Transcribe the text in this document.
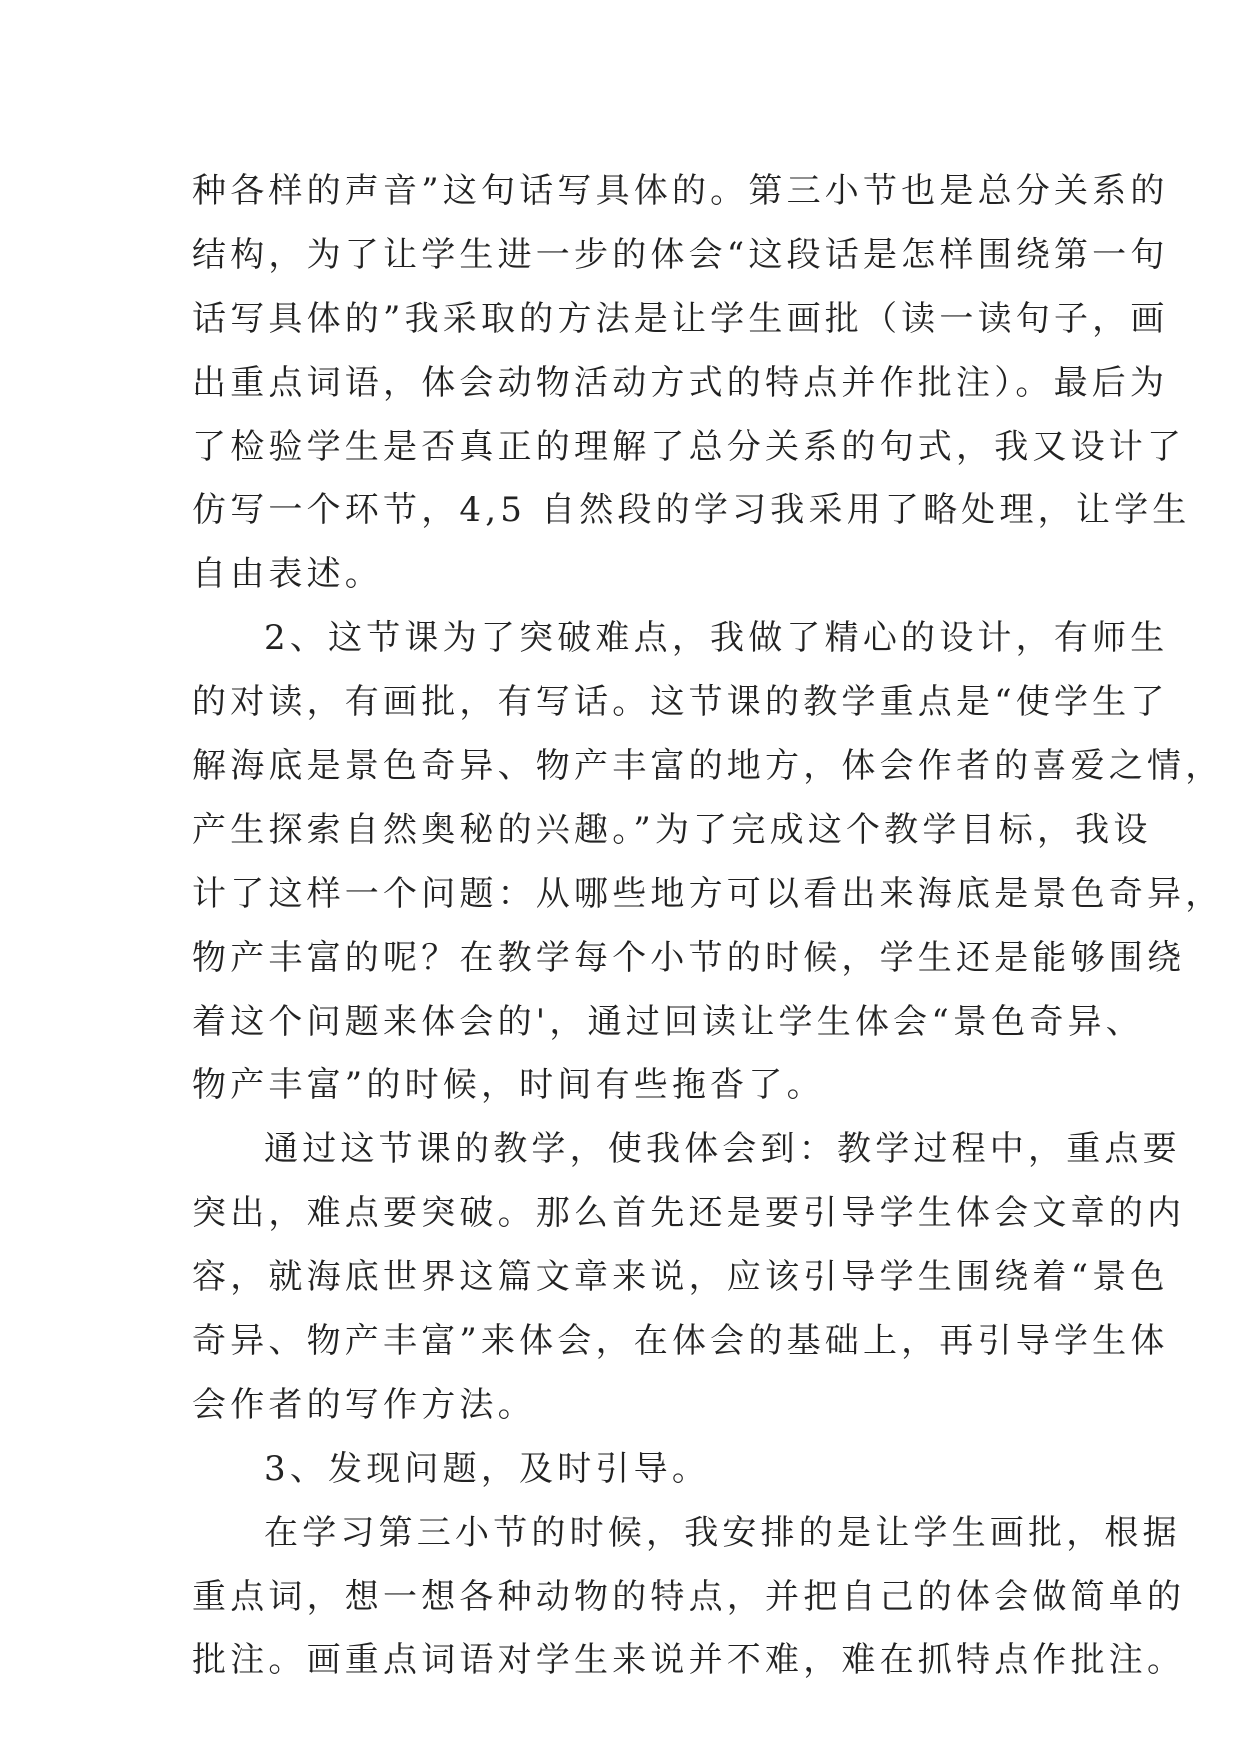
种各样的声音”这句话写具体的。第三小节也是总分关系的
结构，为了让学生进一步的体会“这段话是怎样围绕第一句
话写具体的”我采取的方法是让学生画批（读一读句子，画
出重点词语，体会动物活动方式的特点并作批注）。最后为
了检验学生是否真正的理解了总分关系的句式，我又设计了
仿写一个环节，4,5 自然段的学习我采用了略处理，让学生
自由表述。
2、这节课为了突破难点，我做了精心的设计，有师生
的对读，有画批，有写话。这节课的教学重点是“使学生了
解海底是景色奇异、物产丰富的地方，体会作者的喜爱之情，
产生探索自然奥秘的兴趣。”为了完成这个教学目标，我设
计了这样一个问题：从哪些地方可以看出来海底是景色奇异，
物产丰富的呢？在教学每个小节的时候，学生还是能够围绕
着这个问题来体会的'，通过回读让学生体会“景色奇异、
物产丰富”的时候，时间有些拖沓了。
通过这节课的教学，使我体会到：教学过程中，重点要
突出，难点要突破。那么首先还是要引导学生体会文章的内
容，就海底世界这篇文章来说，应该引导学生围绕着“景色
奇异、物产丰富”来体会，在体会的基础上，再引导学生体
会作者的写作方法。
3、发现问题，及时引导。
在学习第三小节的时候，我安排的是让学生画批，根据
重点词，想一想各种动物的特点，并把自己的体会做简单的
批注。画重点词语对学生来说并不难，难在抓特点作批注。
